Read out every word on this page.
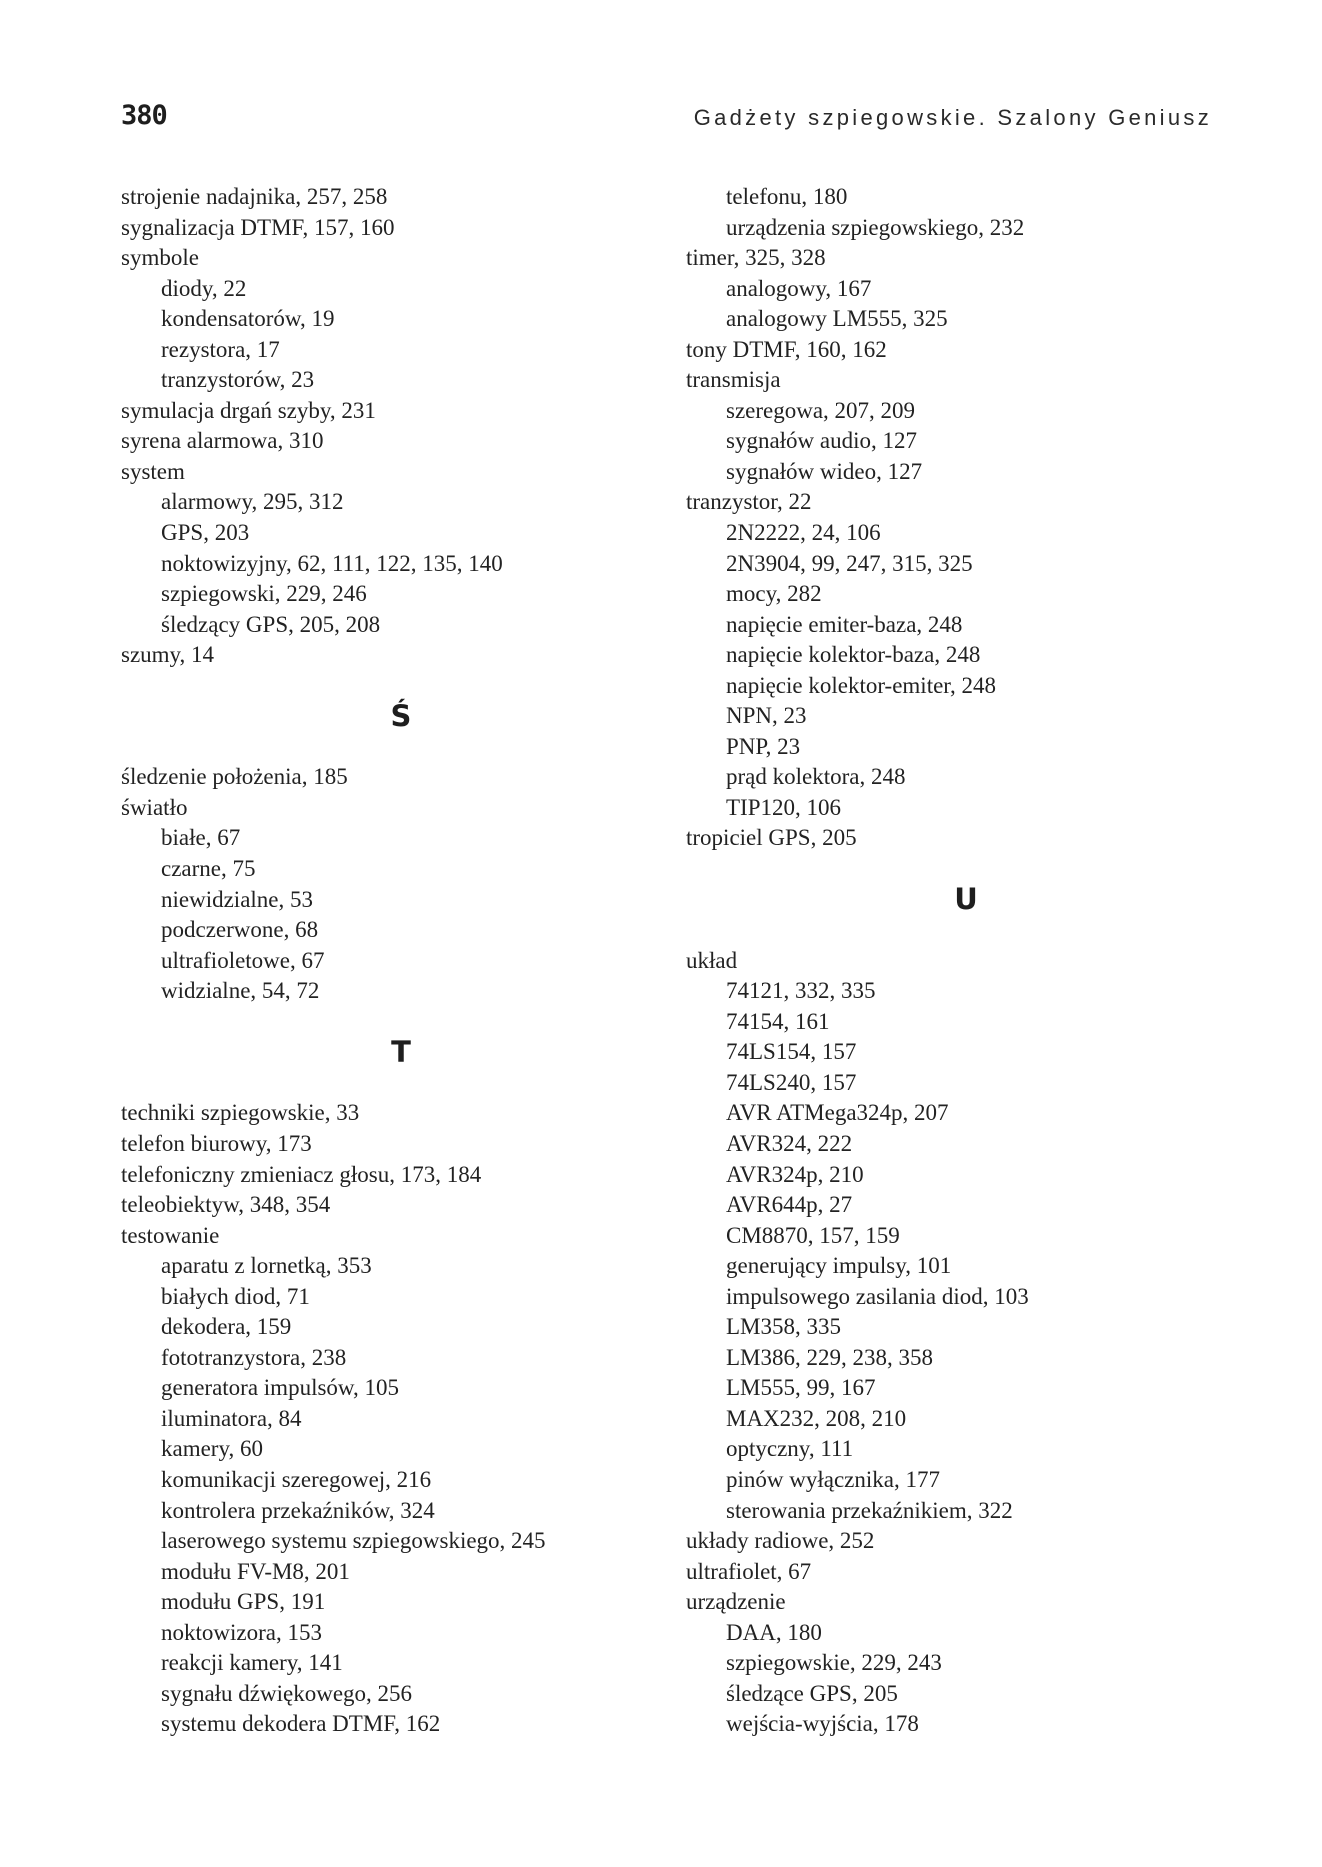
380	Gadżety szpiegowskie. Szalony Geniusz
strojenie nadajnika, 257, 258
sygnalizacja DTMF, 157, 160
symbole
diody, 22
kondensatorów, 19
rezystora, 17
tranzystorów, 23
symulacja drgań szyby, 231
syrena alarmowa, 310
system
alarmowy, 295, 312
GPS, 203
noktowizyjny, 62, 111, 122, 135, 140
szpiegowski, 229, 246
śledzący GPS, 205, 208
szumy, 14
Ś
śledzenie położenia, 185
światło
białe, 67
czarne, 75
niewidzialne, 53
podczerwone, 68
ultrafioletowe, 67
widzialne, 54, 72
T
techniki szpiegowskie, 33
telefon biurowy, 173
telefoniczny zmieniacz głosu, 173, 184
teleobiektyw, 348, 354
testowanie
aparatu z lornetką, 353
białych diod, 71
dekodera, 159
fototranzystora, 238
generatora impulsów, 105
iluminatora, 84
kamery, 60
komunikacji szeregowej, 216
kontrolera przekaźników, 324
laserowego systemu szpiegowskiego, 245
modułu FV-M8, 201
modułu GPS, 191
noktowizora, 153
reakcji kamery, 141
sygnału dźwiękowego, 256
systemu dekodera DTMF, 162
telefonu, 180
urządzenia szpiegowskiego, 232
timer, 325, 328
analogowy, 167
analogowy LM555, 325
tony DTMF, 160, 162
transmisja
szeregowa, 207, 209
sygnałów audio, 127
sygnałów wideo, 127
tranzystor, 22
2N2222, 24, 106
2N3904, 99, 247, 315, 325
mocy, 282
napięcie emiter-baza, 248
napięcie kolektor-baza, 248
napięcie kolektor-emiter, 248
NPN, 23
PNP, 23
prąd kolektora, 248
TIP120, 106
tropiciel GPS, 205
U
układ
74121, 332, 335
74154, 161
74LS154, 157
74LS240, 157
AVR ATMega324p, 207
AVR324, 222
AVR324p, 210
AVR644p, 27
CM8870, 157, 159
generujący impulsy, 101
impulsowego zasilania diod, 103
LM358, 335
LM386, 229, 238, 358
LM555, 99, 167
MAX232, 208, 210
optyczny, 111
pinów wyłącznika, 177
sterowania przekaźnikiem, 322
układy radiowe, 252
ultrafiolet, 67
urządzenie
DAA, 180
szpiegowskie, 229, 243
śledzące GPS, 205
wejścia-wyjścia, 178
